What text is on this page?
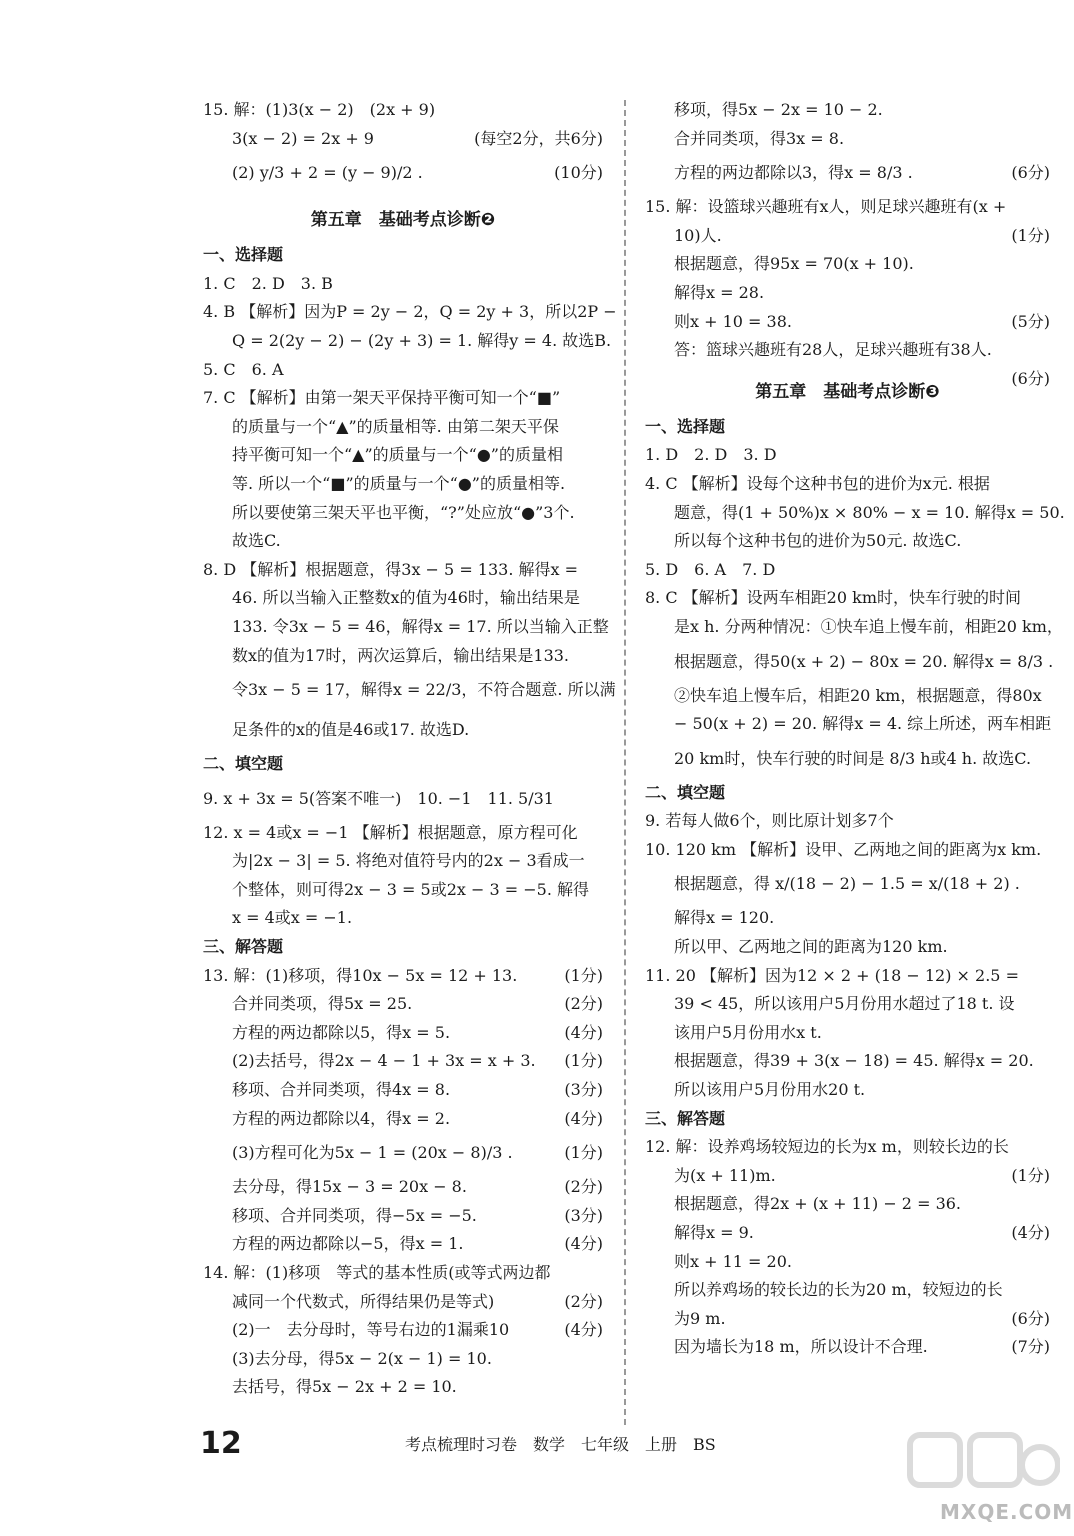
15. 解：(1)3(x − 2)　(2x + 9)
3(x − 2) = 2x + 9	(每空2分，共6分)
(2) y/3 + 2 = (y − 9)/2 .	(10分)
第五章　基础考点诊断❷
一、选择题
1. C　2. D　3. B
4. B 【解析】因为P = 2y − 2，Q = 2y + 3，所以2P −
Q = 2(2y − 2) − (2y + 3) = 1. 解得y = 4. 故选B.
5. C　6. A
7. C 【解析】由第一架天平保持平衡可知一个“■”
的质量与一个“▲”的质量相等. 由第二架天平保
持平衡可知一个“▲”的质量与一个“●”的质量相
等. 所以一个“■”的质量与一个“●”的质量相等.
所以要使第三架天平也平衡，“?”处应放“●”3个.
故选C.
8. D 【解析】根据题意，得3x − 5 = 133. 解得x =
46. 所以当输入正整数x的值为46时，输出结果是
133. 令3x − 5 = 46，解得x = 17. 所以当输入正整
数x的值为17时，两次运算后，输出结果是133.
令3x − 5 = 17，解得x = 22/3，不符合题意. 所以满
足条件的x的值是46或17. 故选D.
二、填空题
9. x + 3x = 5(答案不唯一)　10. −1　11. 5/31
12. x = 4或x = −1 【解析】根据题意，原方程可化
为|2x − 3| = 5. 将绝对值符号内的2x − 3看成一
个整体，则可得2x − 3 = 5或2x − 3 = −5. 解得
x = 4或x = −1.
三、解答题
13. 解：(1)移项，得10x − 5x = 12 + 13.	(1分)
合并同类项，得5x = 25.	(2分)
方程的两边都除以5，得x = 5.	(4分)
(2)去括号，得2x − 4 − 1 + 3x = x + 3. (1分)
移项、合并同类项，得4x = 8.	(3分)
方程的两边都除以4，得x = 2.	(4分)
(3)方程可化为5x − 1 = (20x − 8)/3 .	(1分)
去分母，得15x − 3 = 20x − 8.	(2分)
移项、合并同类项，得−5x = −5.	(3分)
方程的两边都除以−5，得x = 1.	(4分)
14. 解：(1)移项　等式的基本性质(或等式两边都
减同一个代数式，所得结果仍是等式)	(2分)
(2)一　去分母时，等号右边的1漏乘10	(4分)
(3)去分母，得5x − 2(x − 1) = 10.
去括号，得5x − 2x + 2 = 10.
移项，得5x − 2x = 10 − 2.
合并同类项，得3x = 8.
方程的两边都除以3，得x = 8/3 .	(6分)
15. 解：设篮球兴趣班有x人，则足球兴趣班有(x +
10)人.	(1分)
根据题意，得95x = 70(x + 10).
解得x = 28.
则x + 10 = 38.	(5分)
答：篮球兴趣班有28人，足球兴趣班有38人.
(6分)
第五章　基础考点诊断❸
一、选择题
1. D　2. D　3. D
4. C 【解析】设每个这种书包的进价为x元. 根据
题意，得(1 + 50%)x × 80% − x = 10. 解得x = 50.
所以每个这种书包的进价为50元. 故选C.
5. D　6. A　7. D
8. C 【解析】设两车相距20 km时，快车行驶的时间
是x h. 分两种情况：①快车追上慢车前，相距20 km，
根据题意，得50(x + 2) − 80x = 20. 解得x = 8/3 .
②快车追上慢车后，相距20 km，根据题意，得80x
− 50(x + 2) = 20. 解得x = 4. 综上所述，两车相距
20 km时，快车行驶的时间是 8/3 h或4 h. 故选C.
二、填空题
9. 若每人做6个，则比原计划多7个
10. 120 km 【解析】设甲、乙两地之间的距离为x km.
根据题意，得 x/(18 − 2) − 1.5 = x/(18 + 2) .
解得x = 120.
所以甲、乙两地之间的距离为120 km.
11. 20 【解析】因为12 × 2 + (18 − 12) × 2.5 =
39 < 45，所以该用户5月份用水超过了18 t. 设
该用户5月份用水x t.
根据题意，得39 + 3(x − 18) = 45. 解得x = 20.
所以该用户5月份用水20 t.
三、解答题
12. 解：设养鸡场较短边的长为x m，则较长边的长
为(x + 11)m.	(1分)
根据题意，得2x + (x + 11) − 2 = 36.
解得x = 9.	(4分)
则x + 11 = 20.
所以养鸡场的较长边的长为20 m，较短边的长
为9 m.	(6分)
因为墙长为18 m，所以设计不合理.	(7分)
12	考点梳理时习卷　数学　七年级　上册　BS
MXQE.COM
